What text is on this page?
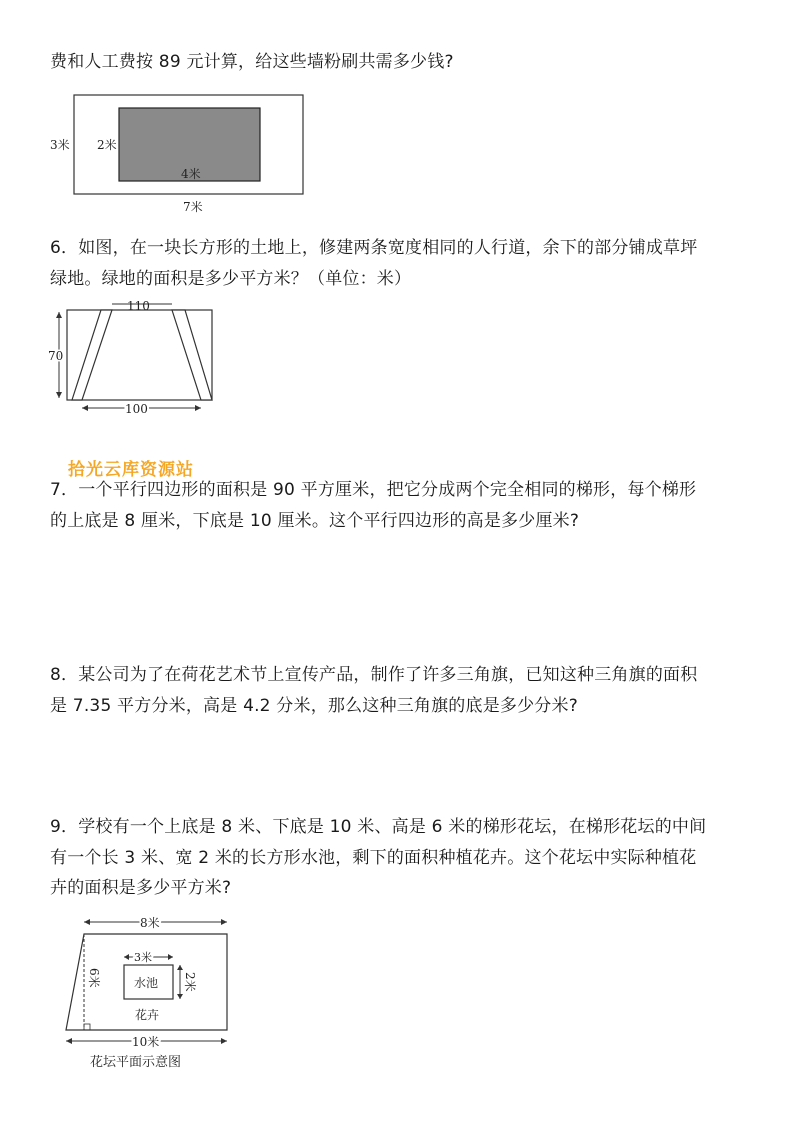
费和人工费按 89 元计算，给这些墙粉刷共需多少钱?
3米 2米
4米
7米
6．如图，在一块长方形的土地上，修建两条宽度相同的人行道，余下的部分铺成草坪
绿地。绿地的面积是多少平方米？（单位：米）
110
70
100
拾光云库资源站
7．一个平行四边形的面积是 90 平方厘米，把它分成两个完全相同的梯形，每个梯形
的上底是 8 厘米，下底是 10 厘米。这个平行四边形的高是多少厘米?
8．某公司为了在荷花艺术节上宣传产品，制作了许多三角旗，已知这种三角旗的面积
是 7.35 平方分米，高是 4.2 分米，那么这种三角旗的底是多少分米?
9．学校有一个上底是 8 米、下底是 10 米、高是 6 米的梯形花坛，在梯形花坛的中间
有一个长 3 米、宽 2 米的长方形水池，剩下的面积种植花卉。这个花坛中实际种植花
卉的面积是多少平方米?
8米
6米	水池
3米
2米
花卉
10米
花坛平面示意图
